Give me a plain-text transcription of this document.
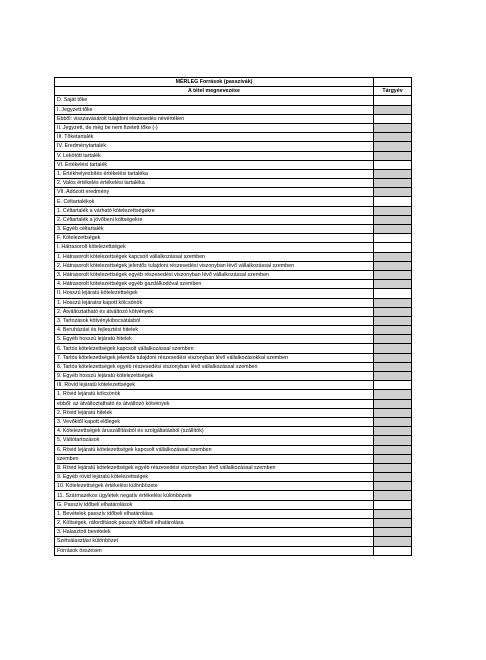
MÉRLEG Források (passzívák)	
A tétel megnevezése	Tárgyév
D. Saját tőke	
I. Jegyzett tőke	
Ebből: visszavásárolt tulajdoni részesedés névértéken	
II. Jegyzett, de még be nem fizetett tőke (-)	
III. Tőketartalék	
IV. Eredménytartalék	
V. Lekötött tartalék	
VI. Értékelési tartalék	
1. Értékhelyesbítés értékelési tartaléka	
2. Valós értékelés értékelési tartaléka	
VII. Adózott eredmény	
E. Céltartalékok	
1. Céltartalék a várható kötelezettségekre	
2. Céltartalék a jövőbeni költségekre	
3. Egyéb céltartalék	
F. Kötelezettségek	
I. Hátrasorolt kötelezettségek	
1. Hátrasorolt kötelezettségek kapcsolt vállalkozással szemben	
2. Hátrasorolt kötelezettségek jelentős tulajdoni részesedési viszonyban lévő vállalkozással szemben	
3. Hátrasorolt kötelezettségek egyéb részesedési viszonyban lévő vállalkozással szemben	
4. Hátrasorolt kötelezettségek egyéb gazdálkodóval szemben	
II. Hosszú lejáratú kötelezettségek	
1. Hosszú lejáratra kapott kölcsönök	
2. Átváltoztatható és átváltozó kötvények	
3. Tartozások kötvénykibocsátásból	
4. Beruházási és fejlesztési hitelek	
5. Egyéb hosszú lejáratú hitelek	
6. Tartós kötelezettségek kapcsolt vállalkozással szemben	
7. Tartós kötelezettségek jelentős tulajdoni részesedési viszonyban lévő vállalkozásokkal szemben	
8. Tartós kötelezettségek egyéb részesedési viszonyban lévő vállalkozással szemben	
9. Egyéb hosszú lejáratú kötelezettségek	
III. Rövid lejáratú kötelezettségek	
1. Rövid lejáratú kölcsönök	
ebből: az átváltoztatható és átváltozó kötvények	
2. Rövid lejáratú hitelek	
3. Vevőktől kapott előlegek	
4. Kötelezettségek áruszállításból és szolgáltatásból (szállítók)	
5. Váltótartozások	
6. Rövid lejáratú kötelezettségek kapcsolt vállalkozással szemben	
szemben	
8. Rövid lejáratú kötelezettségek egyéb részesedési viszonyban lévő vállalkozással szemben	
9. Egyéb rövid lejáratú kötelezettségek	
10. Kötelezettségek értékelési különbözete	
11. Származékos ügyletek negatív értékelési különbözete	
G. Passzív időbeli elhatárolások	
1. Bevételek passzív időbeli elhatárolása	
2. Költségek, ráfordítások passzív időbeli elhatárolása	
3. Halasztott bevételek	
Szétválasztási különbözet	
Források összesen	
